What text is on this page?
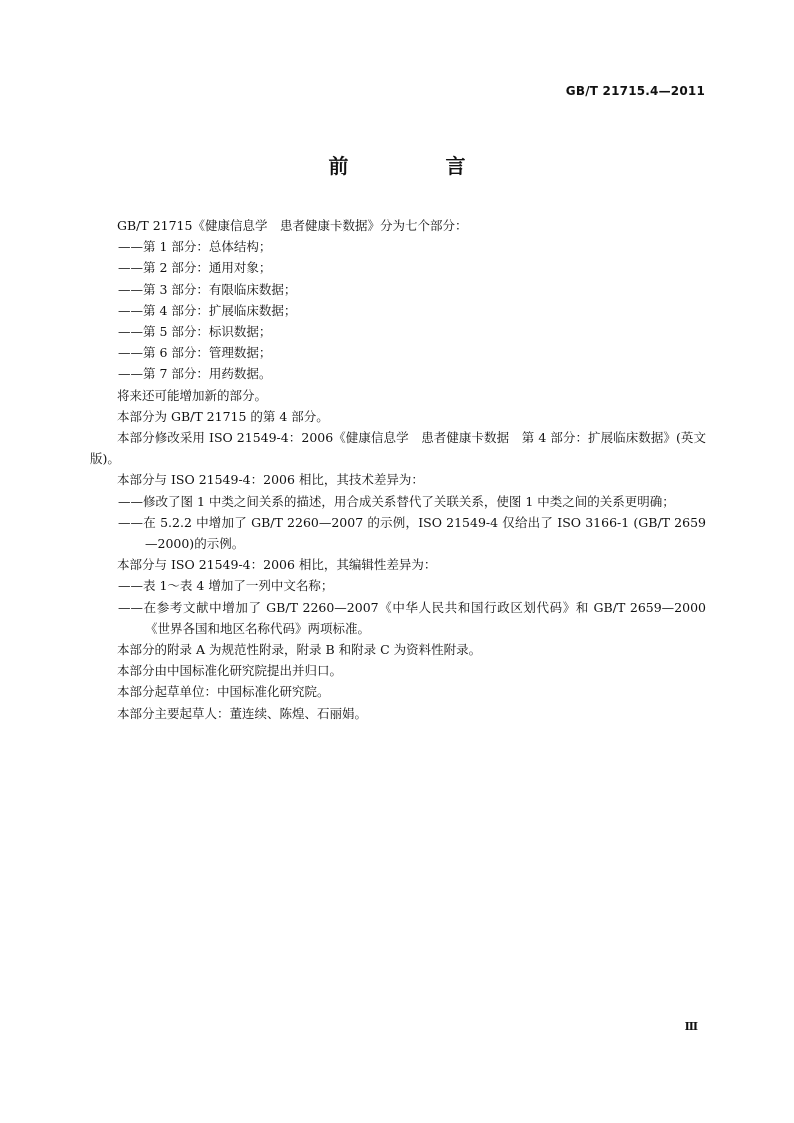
GB/T 21715.4—2011
前 言

GB/T 21715《健康信息学　患者健康卡数据》分为七个部分：

——第 1 部分：总体结构；

——第 2 部分：通用对象；

——第 3 部分：有限临床数据；

——第 4 部分：扩展临床数据；

——第 5 部分：标识数据；

——第 6 部分：管理数据；

——第 7 部分：用药数据。

将来还可能增加新的部分。

本部分为 GB/T 21715 的第 4 部分。

本部分修改采用 ISO 21549-4：2006《健康信息学　患者健康卡数据　第 4 部分：扩展临床数据》(英文版)。

本部分与 ISO 21549-4：2006 相比，其技术差异为：

——修改了图 1 中类之间关系的描述，用合成关系替代了关联关系，使图 1 中类之间的关系更明确；

——在 5.2.2 中增加了 GB/T 2260—2007 的示例，ISO 21549-4 仅给出了 ISO 3166-1 (GB/T 2659—2000)的示例。

本部分与 ISO 21549-4：2006 相比，其编辑性差异为：

——表 1～表 4 增加了一列中文名称；

——在参考文献中增加了 GB/T 2260—2007《中华人民共和国行政区划代码》和 GB/T 2659—2000《世界各国和地区名称代码》两项标准。

本部分的附录 A 为规范性附录，附录 B 和附录 C 为资料性附录。

本部分由中国标准化研究院提出并归口。

本部分起草单位：中国标准化研究院。

本部分主要起草人：董连续、陈煌、石丽娟。

Ⅲ
